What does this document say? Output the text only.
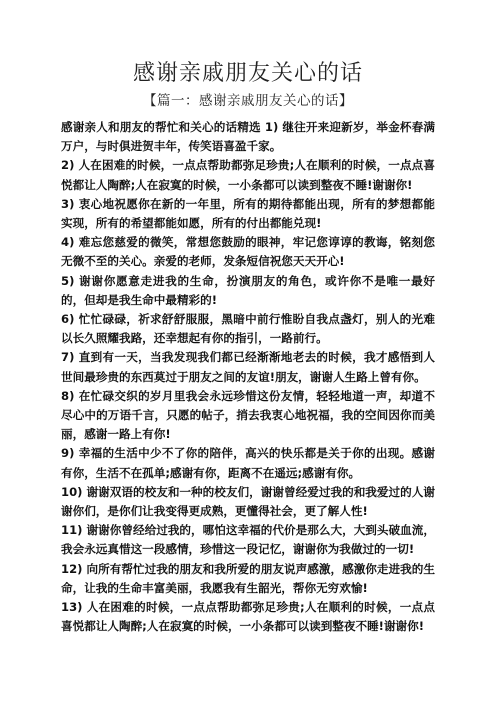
感谢亲戚朋友关心的话
【篇一：感谢亲戚朋友关心的话】

感谢亲人和朋友的帮忙和关心的话精选 1) 继往开来迎新岁，举金杯春满万户，与时俱进贺丰年，传笑语喜盈千家。

2) 人在困难的时候，一点点帮助都弥足珍贵;人在顺利的时候，一点点喜悦都让人陶醉;人在寂寞的时候，一小条都可以读到整夜不睡!谢谢你!

3) 衷心地祝愿你在新的一年里，所有的期待都能出现，所有的梦想都能实现，所有的希望都能如愿，所有的付出都能兑现!

4) 难忘您慈爱的微笑，常想您鼓励的眼神，牢记您谆谆的教诲，铭刻您无微不至的关心。亲爱的老师，发条短信祝您天天开心!

5) 谢谢你愿意走进我的生命，扮演朋友的角色，或许你不是唯一最好的，但却是我生命中最精彩的!

6) 忙忙碌碌，祈求舒舒服服，黑暗中前行惟盼自我点盏灯，别人的光难以长久照耀我路，还幸想起有你的指引，一路前行。

7) 直到有一天，当我发现我们都已经渐渐地老去的时候，我才感悟到人世间最珍贵的东西莫过于朋友之间的友谊!朋友，谢谢人生路上曾有你。

8) 在忙碌交织的岁月里我会永远珍惜这份友情，轻轻地道一声，却道不尽心中的万语千言，只愿的帖子，捎去我衷心地祝福，我的空间因你而美丽，感谢一路上有你!

9) 幸福的生活中少不了你的陪伴，高兴的快乐都是关于你的出现。感谢有你，生活不在孤单;感谢有你，距离不在遥远;感谢有你。

10) 谢谢双语的校友和一种的校友们，谢谢曾经爱过我的和我爱过的人谢谢你们，是你们让我变得更成熟，更懂得社会，更了解人性!

11) 谢谢你曾经给过我的，哪怕这幸福的代价是那么大，大到头破血流，我会永远真惜这一段感情，珍惜这一段记忆，谢谢你为我做过的一切!

12) 向所有帮忙过我的朋友和我所爱的朋友说声感激，感激你走进我的生命，让我的生命丰富美丽，我愿我有生韶光，帮你无穷欢愉!

13) 人在困难的时候，一点点帮助都弥足珍贵;人在顺利的时候，一点点喜悦都让人陶醉;人在寂寞的时候，一小条都可以读到整夜不睡!谢谢你!
